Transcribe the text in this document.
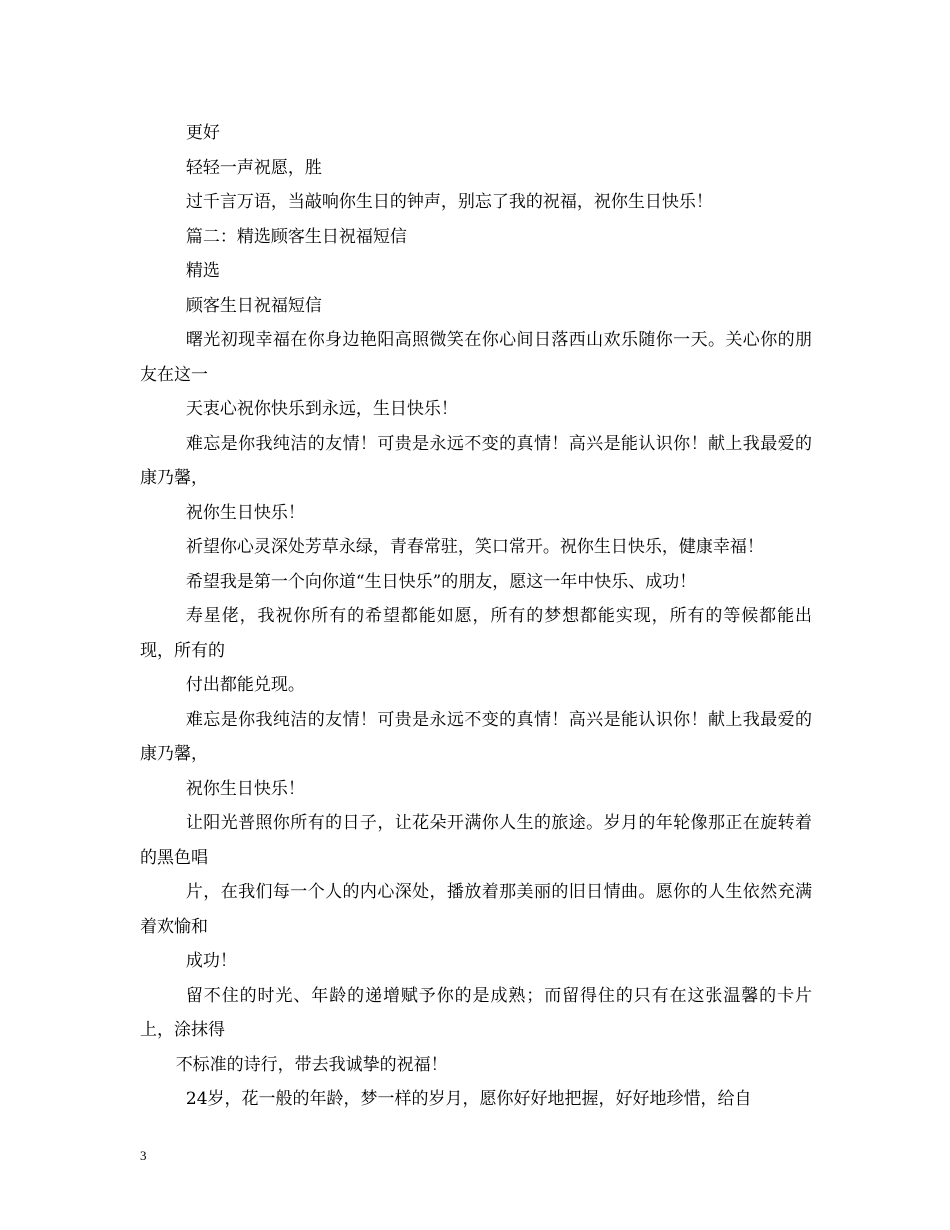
更好

轻轻一声祝愿，胜

过千言万语，当敲响你生日的钟声，别忘了我的祝福，祝你生日快乐！

篇二：精选顾客生日祝福短信

精选

顾客生日祝福短信

曙光初现幸福在你身边艳阳高照微笑在你心间日落西山欢乐随你一天。关心你的朋友在这一

天衷心祝你快乐到永远，生日快乐！

难忘是你我纯洁的友情！可贵是永远不变的真情！高兴是能认识你！献上我最爱的康乃馨，

祝你生日快乐！

祈望你心灵深处芳草永绿，青春常驻，笑口常开。祝你生日快乐，健康幸福！

希望我是第一个向你道“生日快乐”的朋友，愿这一年中快乐、成功！

寿星佬，我祝你所有的希望都能如愿，所有的梦想都能实现，所有的等候都能出现，所有的

付出都能兑现。

难忘是你我纯洁的友情！可贵是永远不变的真情！高兴是能认识你！献上我最爱的康乃馨，

祝你生日快乐！

让阳光普照你所有的日子，让花朵开满你人生的旅途。岁月的年轮像那正在旋转着的黑色唱

片，在我们每一个人的内心深处，播放着那美丽的旧日情曲。愿你的人生依然充满着欢愉和

成功！

留不住的时光、年龄的递增赋予你的是成熟；而留得住的只有在这张温馨的卡片上，涂抹得

不标准的诗行，带去我诚挚的祝福！

24岁，花一般的年龄，梦一样的岁月，愿你好好地把握，好好地珍惜，给自

3
